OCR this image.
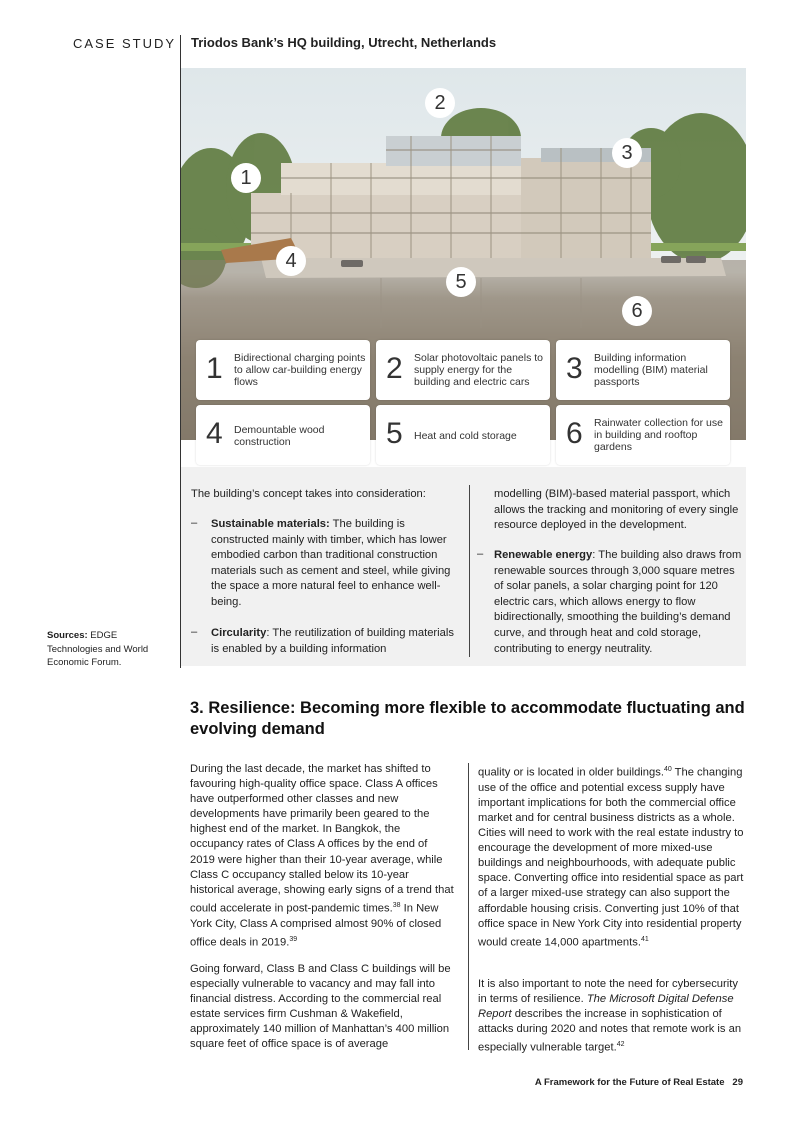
CASE STUDY Triodos Bank’s HQ building, Utrecht, Netherlands
1
2
3
4
5
6
1 Bidirectional charging points to allow car-building energy flows	2 Solar photovoltaic panels to supply energy for the building and electric cars	3 Building information modelling (BIM) material passports
4 Demountable wood construction	5 Heat and cold storage	6 Rainwater collection for use in building and rooftop gardens
The building’s concept takes into consideration:
– Sustainable materials: The building is constructed mainly with timber, which has lower embodied carbon than traditional construction materials such as cement and steel, while giving the space a more natural feel to enhance well-being.
– Circularity: The reutilization of building materials is enabled by a building information
modelling (BIM)-based material passport, which allows the tracking and monitoring of every single resource deployed in the development.
– Renewable energy: The building also draws from renewable sources through 3,000 square metres of solar panels, a solar charging point for 120 electric cars, which allows energy to flow bidirectionally, smoothing the building’s demand curve, and through heat and cold storage, contributing to energy neutrality.
Sources: EDGE Technologies and World Economic Forum.
3. Resilience: Becoming more flexible to accommodate fluctuating and evolving demand
During the last decade, the market has shifted to favouring high-quality office space. Class A offices have outperformed other classes and new developments have primarily been geared to the highest end of the market. In Bangkok, the occupancy rates of Class A offices by the end of 2019 were higher than their 10-year average, while Class C occupancy stalled below its 10-year historical average, showing early signs of a trend that could accelerate in post-pandemic times.$^{38}$ In New York City, Class A comprised almost 90% of closed office deals in 2019.39
Going forward, Class B and Class C buildings will be especially vulnerable to vacancy and may fall into financial distress. According to the commercial real estate services firm Cushman & Wakefield, approximately 140 million of Manhattan’s 400 million square feet of office space is of average
quality or is located in older buildings.$^{40}$ The changing use of the office and potential excess supply have important implications for both the commercial office market and for central business districts as a whole. Cities will need to work with the real estate industry to encourage the development of more mixed-use buildings and neighbourhoods, with adequate public space. Converting office into residential space as part of a larger mixed-use strategy can also support the affordable housing crisis. Converting just 10% of that office space in New York City into residential property would create 14,000 apartments.$^{41}$
It is also important to note the need for cybersecurity in terms of resilience. The Microsoft Digital Defense Report describes the increase in sophistication of attacks during 2020 and notes that remote work is an especially vulnerable target.$^{42}$
A Framework for the Future of Real Estate 29
